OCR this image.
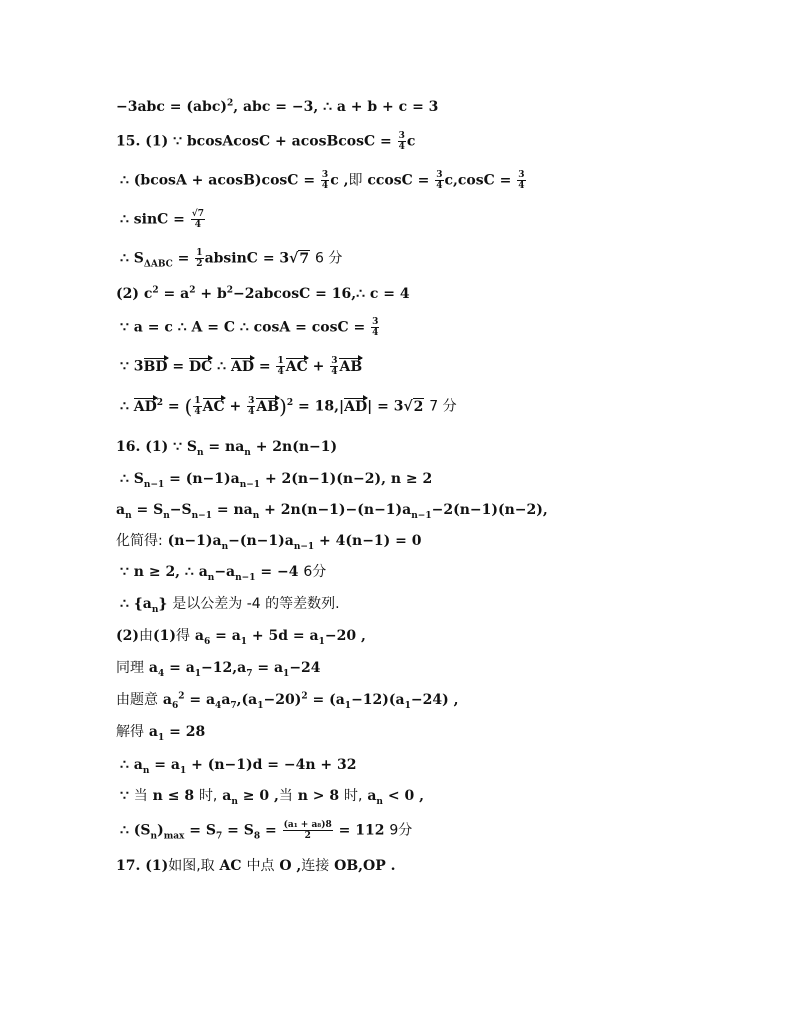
−3abc = (abc)$^2$, abc = −3, ∴ a + b + c = 3
15. (1) ∵ bcosAcosC + acosBcosC = $\frac{3}{4}$ c
∴ $(bcosA + acosB)\cos C = \frac{3}{4}$ c ,即 $ccosC = \frac{3}{4} c,\cos C = \frac{3}{4}$
∴ $\sin C = \frac{√7}{4}$
∴ $S_{\Delta ABC} = \frac{1}{2}$ absinC = 3√7 6 分
(2) $c^2 = a^2 + b^2-2abcosC$ = 16,∴ c = 4
∵ a = c ∴ A = C ∴ $\cos A = \cos C = \frac{3}{4}$
∵ 3BD = DC ∴ AD = $\frac{1}{4}$ AC + $\frac{3}{4}$ AB
∴ $AD^2$ = ( $\frac{1}{4}$ AC + $\frac{3}{4} AB)^2 = 18,|AD| = 3√2$ 7 分
16. (1) ∵ $S_n = na_n + 2n(n-1)$
∴ $S_{n-1} = (n-1)a_{n-1} + 2(n-1)(n-2)$, n ≥ 2
$a_n = S_n-S_{n-1} = na_n + 2n(n-1)-(n-1)a_{n-1}-2(n-1)(n-2)$,
化简得: $(n-1)a_n-(n-1)a_{n-1} + 4(n-1) = 0$
∵ n ≥ 2, ∴ $a_n-a_{n-1} = -4$ 6分
∴ $\{a_n\}$ 是以公差为 -4 的等差数列.
(2)由(1)得 $a_6 = a_1 + 5d = a_1-20$ ,
同理 $a_4 = a_1-12,a_7 = a_1-24$
由题意 $a_6^2 = a_4a_7,(a_1-20)^2 = (a_1-12)(a_1-24)$ ,
解得 $a_1 = 28$
∴ $a_n = a_1 + (n-1)d = -4n + 32$
∵ 当 n ≤ 8 时, $a_n \ge 0$ ,当 n > 8 时, $a_n < 0$ ,
∴ $(S_n)_{max} = S_7 = S_8 = \frac{\text{(a₁ + a₈)8}}{2} = 112$ 9分
17. (1)如图,取 AC 中点 O ,连接 OB,OP .
